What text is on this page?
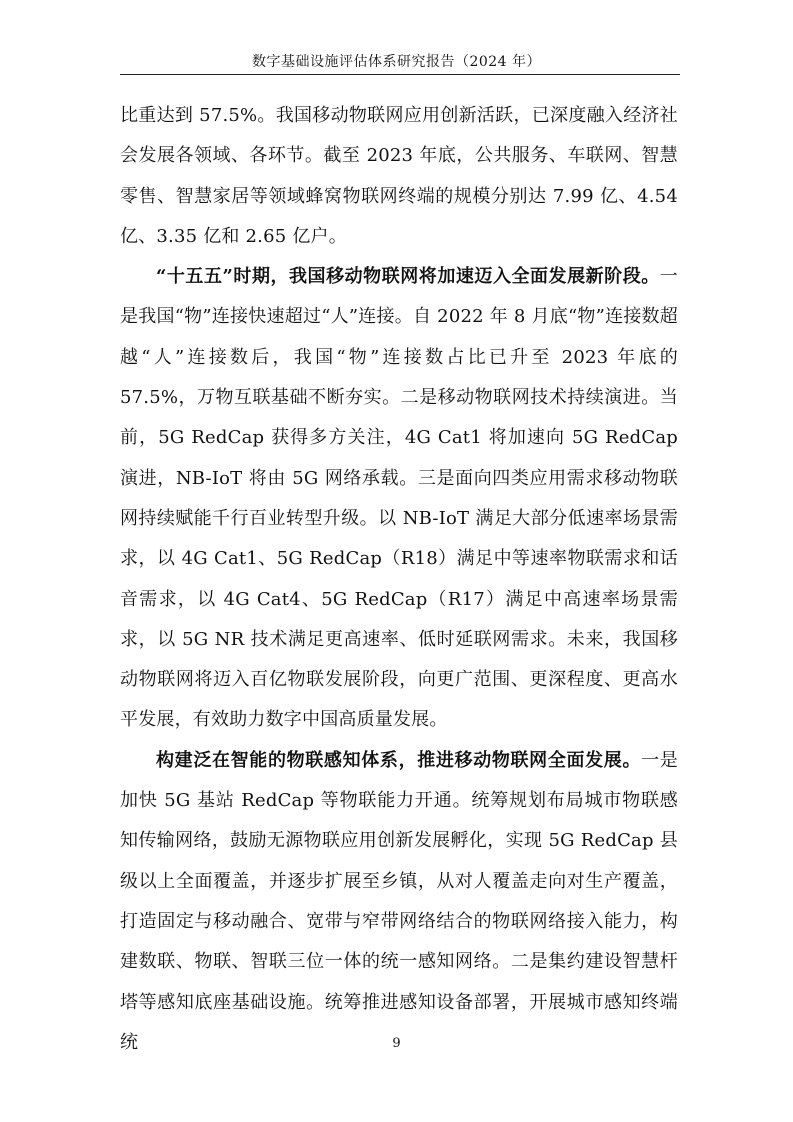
数字基础设施评估体系研究报告（2024 年）

比重达到 57.5%。我国移动物联网应用创新活跃，已深度融入经济社会发展各领域、各环节。截至 2023 年底，公共服务、车联网、智慧零售、智慧家居等领域蜂窝物联网终端的规模分别达 7.99 亿、4.54 亿、3.35 亿和 2.65 亿户。

“十五五”时期，我国移动物联网将加速迈入全面发展新阶段。一是我国“物”连接快速超过“人”连接。自 2022 年 8 月底“物”连接数超越“人”连接数后，我国“物”连接数占比已升至 2023 年底的 57.5%，万物互联基础不断夯实。二是移动物联网技术持续演进。当前，5G RedCap 获得多方关注，4G Cat1 将加速向 5G RedCap 演进，NB-IoT 将由 5G 网络承载。三是面向四类应用需求移动物联网持续赋能千行百业转型升级。以 NB-IoT 满足大部分低速率场景需求，以 4G Cat1、5G RedCap（R18）满足中等速率物联需求和话音需求，以 4G Cat4、5G RedCap（R17）满足中高速率场景需求，以 5G NR 技术满足更高速率、低时延联网需求。未来，我国移动物联网将迈入百亿物联发展阶段，向更广范围、更深程度、更高水平发展，有效助力数字中国高质量发展。

构建泛在智能的物联感知体系，推进移动物联网全面发展。一是加快 5G 基站 RedCap 等物联能力开通。统筹规划布局城市物联感知传输网络，鼓励无源物联应用创新发展孵化，实现 5G RedCap 县级以上全面覆盖，并逐步扩展至乡镇，从对人覆盖走向对生产覆盖，打造固定与移动融合、宽带与窄带网络结合的物联网络接入能力，构建数联、物联、智联三位一体的统一感知网络。二是集约建设智慧杆塔等感知底座基础设施。统筹推进感知设备部署，开展城市感知终端统	9
